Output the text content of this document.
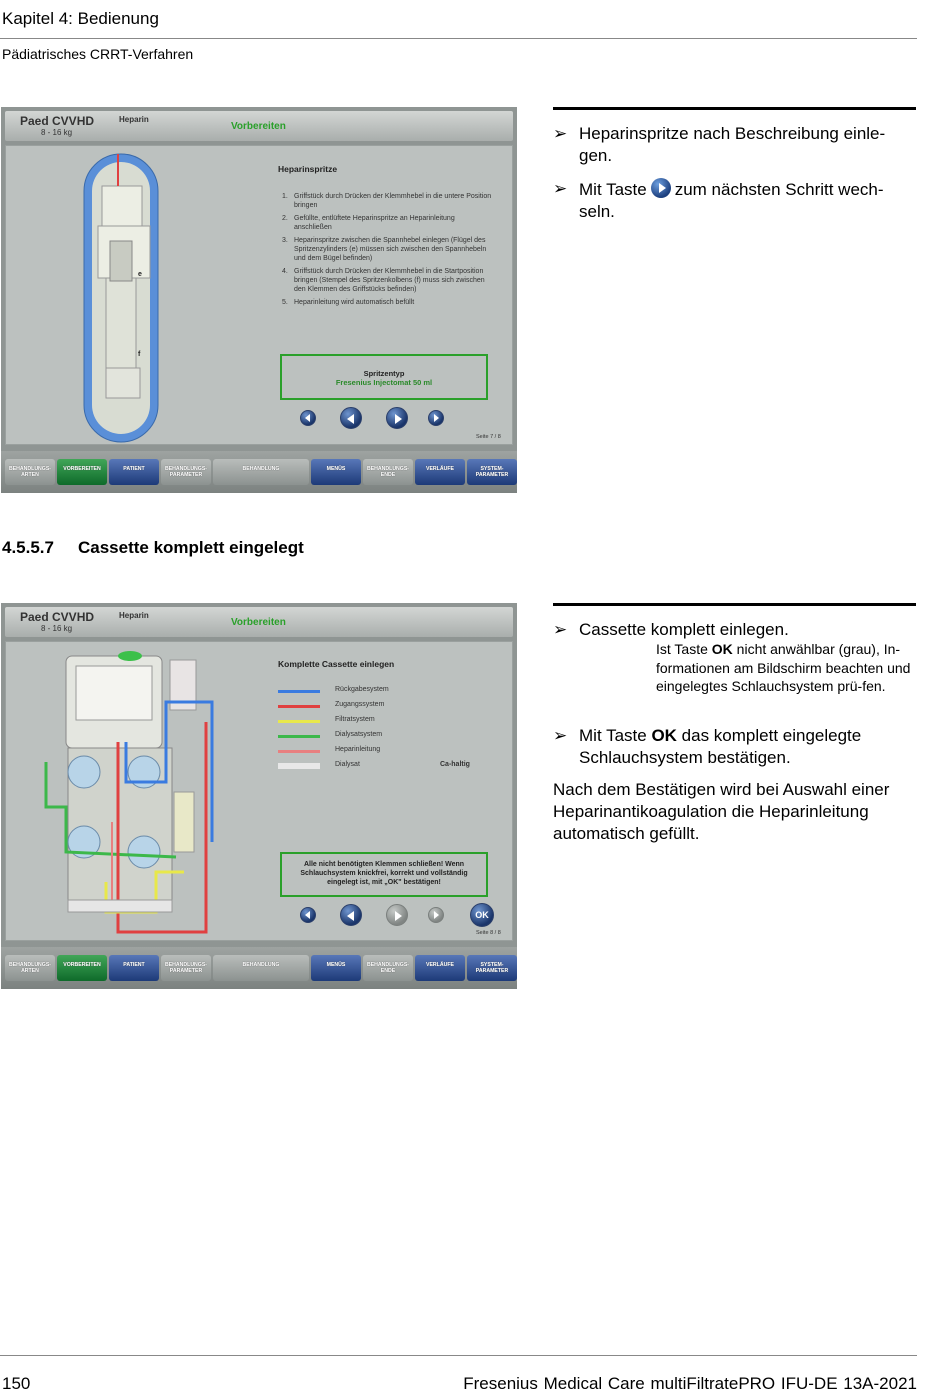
Kapitel 4: Bedienung
Pädiatrisches CRRT-Verfahren
Paed CVVHD
8 - 16 kg
Heparin
Vorbereiten
e
f
Heparinspritze
1. Griffstück durch Drücken der Klemmhebel in die untere Position bringen
2. Gefüllte, entlüftete Heparinspritze an Heparinleitung anschließen
3. Heparinspritze zwischen die Spannhebel einlegen (Flügel des Spritzenzylinders (e) müssen sich zwischen den Spannhebeln und dem Bügel befinden)
4. Griffstück durch Drücken der Klemmhebel in die Startposition bringen (Stempel des Spritzenkolbens (f) muss sich zwischen den Klemmen des Griffstücks befinden)
5. Heparinleitung wird automatisch befüllt
Spritzentyp
Fresenius Injectomat 50 ml
Seite 7 / 8
BEHANDLUNGS-ARTEN
VORBEREITEN	PATIENT	BEHANDLUNGS-PARAMETER
BEHANDLUNG	MENÜS	BEHANDLUNGS-ENDE
VERLÄUFE	SYSTEM-PARAMETER
➢ Heparinspritze nach Beschreibung einle-gen.
➢ Mit Taste zum nächsten Schritt wech-seln.
4.5.5.7 Cassette komplett eingelegt
Paed CVVHD
8 - 16 kg
Heparin
Vorbereiten
Komplette Cassette einlegen
Rückgabesystem
Zugangssystem
Filtratsystem
Dialysatsystem
Heparinleitung
Dialysat	Ca-haltig
Alle nicht benötigten Klemmen schließen! Wenn Schlauchsystem knickfrei, korrekt und vollständig eingelegt ist, mit „OK" bestätigen!
OK
Seite 8 / 8
BEHANDLUNGS-ARTEN
VORBEREITEN	PATIENT	BEHANDLUNGS-PARAMETER
BEHANDLUNG	MENÜS	BEHANDLUNGS-ENDE
VERLÄUFE	SYSTEM-PARAMETER
➢ Cassette komplett einlegen.
Ist Taste OK nicht anwählbar (grau), In-formationen am Bildschirm beachten und eingelegtes Schlauchsystem prü-fen.
➢ Mit Taste OK das komplett eingelegte Schlauchsystem bestätigen.
Nach dem Bestätigen wird bei Auswahl einer Heparinantikoagulation die Heparinleitung automatisch gefüllt.
150	Fresenius Medical Care multiFiltratePRO IFU-DE 13A-2021
